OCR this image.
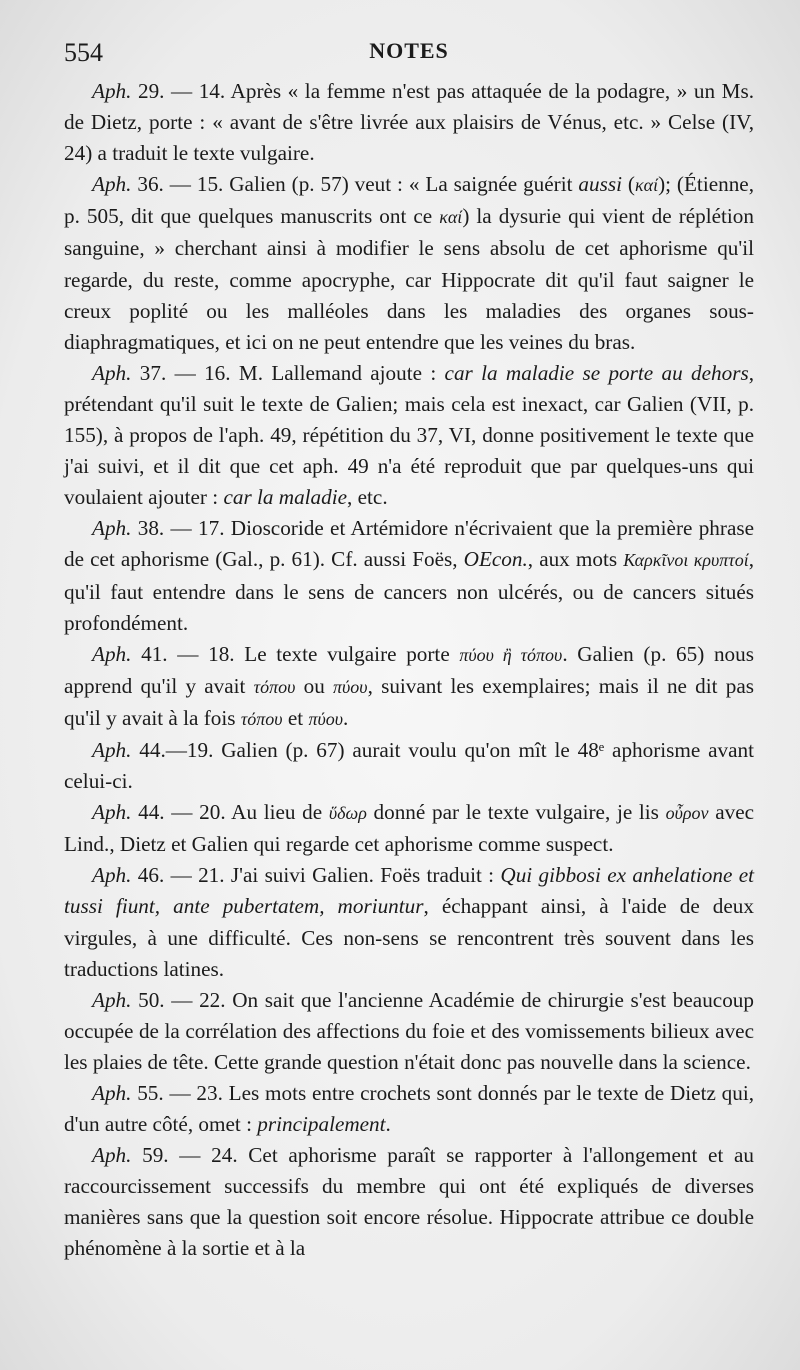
554	NOTES

Aph. 29. — 14. Après « la femme n'est pas attaquée de la podagre, » un Ms. de Dietz, porte : « avant de s'être livrée aux plaisirs de Vénus, etc. » Celse (IV, 24) a traduit le texte vulgaire.

Aph. 36. — 15. Galien (p. 57) veut : « La saignée guérit aussi (καί); (Étienne, p. 505, dit que quelques manuscrits ont ce καί) la dysurie qui vient de réplétion sanguine, » cherchant ainsi à modifier le sens absolu de cet aphorisme qu'il regarde, du reste, comme apocryphe, car Hippocrate dit qu'il faut saigner le creux poplité ou les malléoles dans les maladies des organes sous-diaphragmatiques, et ici on ne peut entendre que les veines du bras.

Aph. 37. — 16. M. Lallemand ajoute : car la maladie se porte au dehors, prétendant qu'il suit le texte de Galien; mais cela est inexact, car Galien (VII, p. 155), à propos de l'aph. 49, répétition du 37, VI, donne positivement le texte que j'ai suivi, et il dit que cet aph. 49 n'a été reproduit que par quelques-uns qui voulaient ajouter : car la maladie, etc.

Aph. 38. — 17. Dioscoride et Artémidore n'écrivaient que la première phrase de cet aphorisme (Gal., p. 61). Cf. aussi Foës, OEcon., aux mots Καρκῖνοι κρυπτοί, qu'il faut entendre dans le sens de cancers non ulcérés, ou de cancers situés profondément.

Aph. 41. — 18. Le texte vulgaire porte πύου ἢ τόπου. Galien (p. 65) nous apprend qu'il y avait τόπου ou πύου, suivant les exemplaires; mais il ne dit pas qu'il y avait à la fois τόπου et πύου.

Aph. 44.—19. Galien (p. 67) aurait voulu qu'on mît le 48ᵉ aphorisme avant celui-ci.

Aph. 44. — 20. Au lieu de ὕδωρ donné par le texte vulgaire, je lis οὖρον avec Lind., Dietz et Galien qui regarde cet aphorisme comme suspect.

Aph. 46. — 21. J'ai suivi Galien. Foës traduit : Qui gibbosi ex anhelatione et tussi fiunt, ante pubertatem, moriuntur, échappant ainsi, à l'aide de deux virgules, à une difficulté. Ces non-sens se rencontrent très souvent dans les traductions latines.

Aph. 50. — 22. On sait que l'ancienne Académie de chirurgie s'est beaucoup occupée de la corrélation des affections du foie et des vomissements bilieux avec les plaies de tête. Cette grande question n'était donc pas nouvelle dans la science.

Aph. 55. — 23. Les mots entre crochets sont donnés par le texte de Dietz qui, d'un autre côté, omet : principalement.

Aph. 59. — 24. Cet aphorisme paraît se rapporter à l'allongement et au raccourcissement successifs du membre qui ont été expliqués de diverses manières sans que la question soit encore résolue. Hippocrate attribue ce double phénomène à la sortie et à la
